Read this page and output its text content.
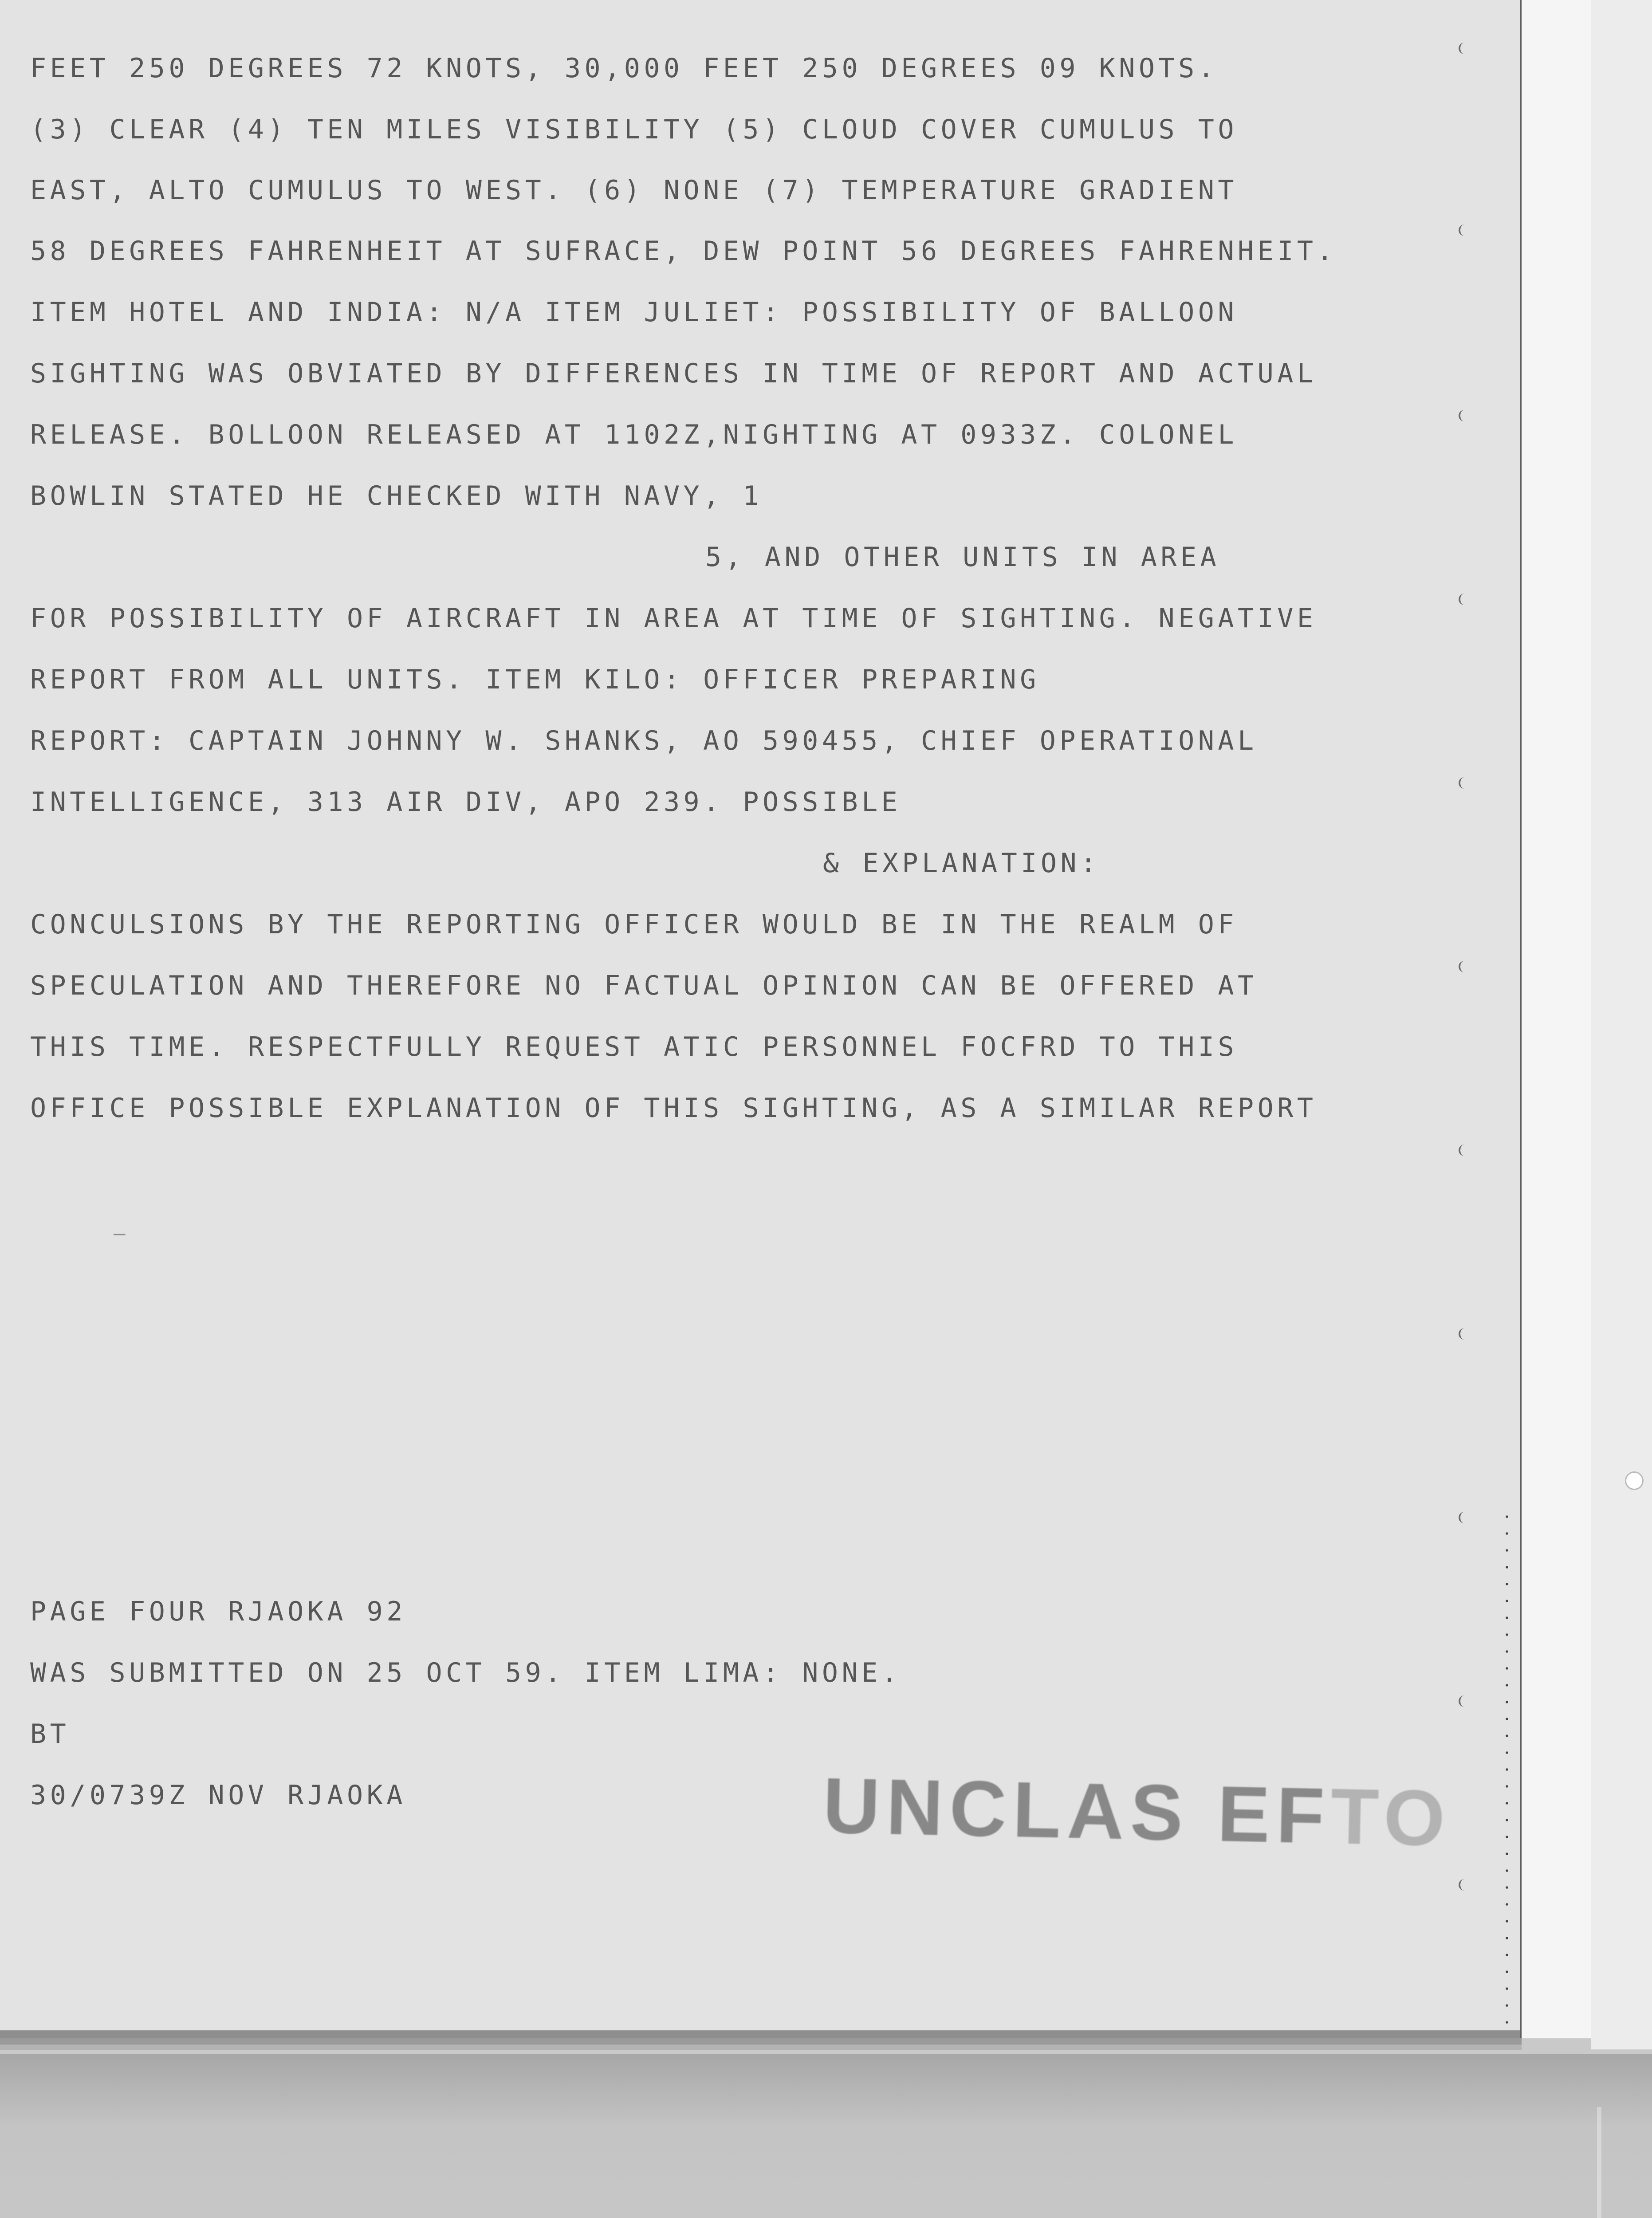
FEET 250 DEGREES 72 KNOTS, 30,000 FEET 250 DEGREES 09 KNOTS.

(3) CLEAR (4) TEN MILES VISIBILITY (5) CLOUD COVER CUMULUS TO

EAST, ALTO CUMULUS TO WEST. (6) NONE (7) TEMPERATURE GRADIENT

58 DEGREES FAHRENHEIT AT SUFRACE, DEW POINT 56 DEGREES FAHRENHEIT.

ITEM HOTEL AND INDIA: N/A ITEM JULIET: POSSIBILITY OF BALLOON

SIGHTING WAS OBVIATED BY DIFFERENCES IN TIME OF REPORT AND ACTUAL

RELEASE. BOLLOON RELEASED AT 1102Z,NIGHTING AT 0933Z. COLONEL

BOWLIN STATED HE CHECKED WITH NAVY, 1

5, AND OTHER UNITS IN AREA

FOR POSSIBILITY OF AIRCRAFT IN AREA AT TIME OF SIGHTING. NEGATIVE

REPORT FROM ALL UNITS. ITEM KILO: OFFICER PREPARING

REPORT: CAPTAIN JOHNNY W. SHANKS, AO 590455, CHIEF OPERATIONAL

INTELLIGENCE, 313 AIR DIV, APO 239. POSSIBLE

& EXPLANATION:

CONCULSIONS BY THE REPORTING OFFICER WOULD BE IN THE REALM OF

SPECULATION AND THEREFORE NO FACTUAL OPINION CAN BE OFFERED AT

THIS TIME. RESPECTFULLY REQUEST ATIC PERSONNEL FOCFRD TO THIS

OFFICE POSSIBLE EXPLANATION OF THIS SIGHTING, AS A SIMILAR REPORT

—

PAGE FOUR RJAOKA 92

WAS SUBMITTED ON 25 OCT 59. ITEM LIMA: NONE.

BT

30/0739Z NOV RJAOKA	UNCLAS EFTO
